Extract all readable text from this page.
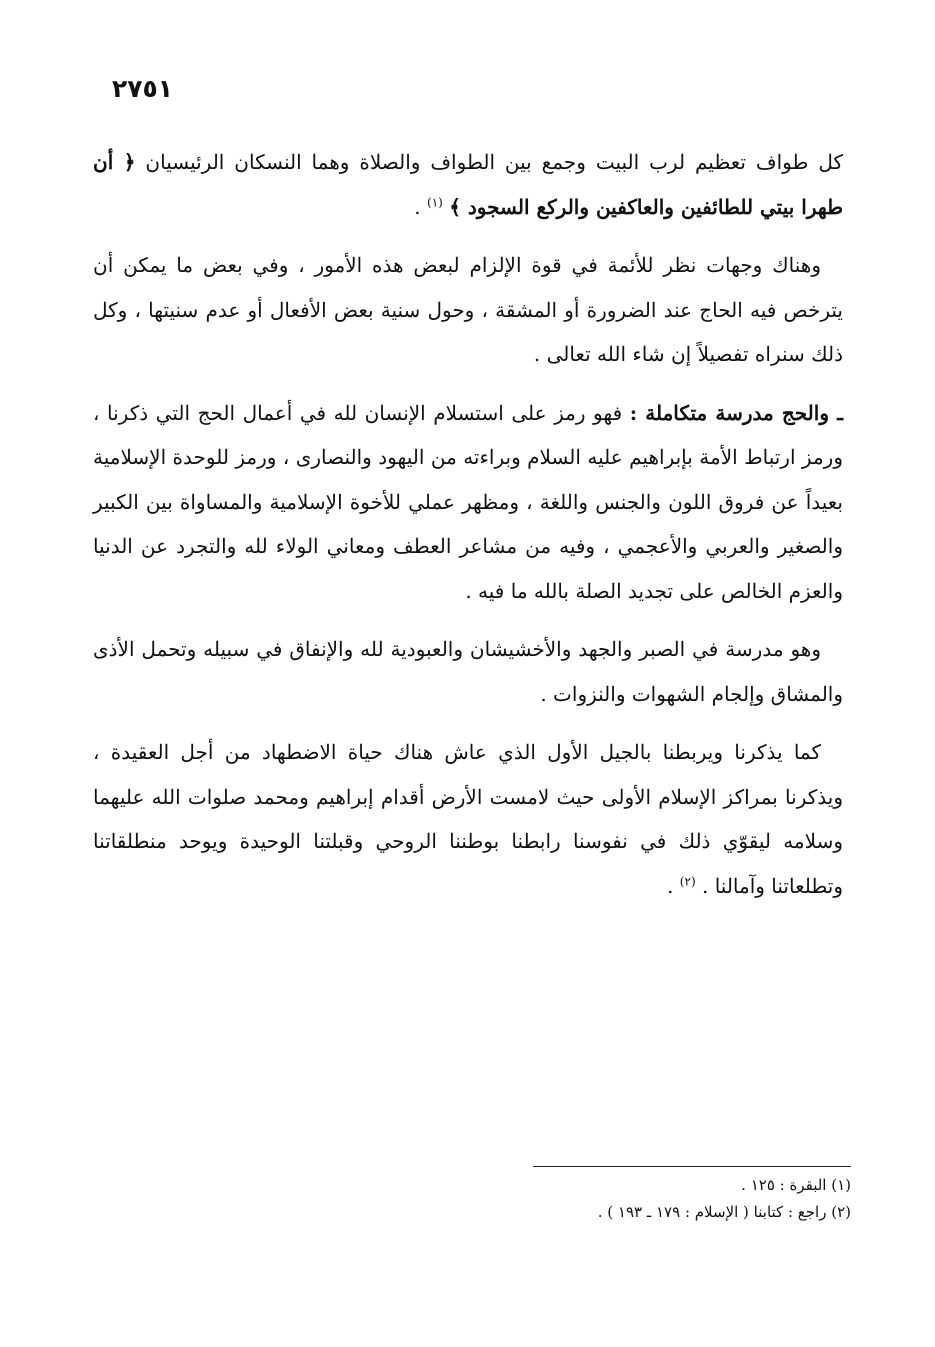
٢٧٥١

كل طواف تعظيم لرب البيت وجمع بين الطواف والصلاة وهما النسكان الرئيسيان ﴿ أن طهرا بيتي للطائفين والعاكفين والركع السجود ﴾ $^{(١)}$ .

وهناك وجهات نظر للأئمة في قوة الإلزام لبعض هذه الأمور ، وفي بعض ما يمكن أن يترخص فيه الحاج عند الضرورة أو المشقة ، وحول سنية بعض الأفعال أو عدم سنيتها ، وكل ذلك سنراه تفصيلاً إن شاء الله تعالى .

ـ والحج مدرسة متكاملة : فهو رمز على استسلام الإنسان لله في أعمال الحج التي ذكرنا ، ورمز ارتباط الأمة بإبراهيم عليه السلام وبراءته من اليهود والنصارى ، ورمز للوحدة الإسلامية بعيداً عن فروق اللون والجنس واللغة ، ومظهر عملي للأخوة الإسلامية والمساواة بين الكبير والصغير والعربي والأعجمي ، وفيه من مشاعر العطف ومعاني الولاء لله والتجرد عن الدنيا والعزم الخالص على تجديد الصلة بالله ما فيه .

وهو مدرسة في الصبر والجهد والأخشيشان والعبودية لله والإنفاق في سبيله وتحمل الأذى والمشاق وإلجام الشهوات والنزوات .

كما يذكرنا ويربطنا بالجيل الأول الذي عاش هناك حياة الاضطهاد من أجل العقيدة ، ويذكرنا بمراكز الإسلام الأولى حيث لامست الأرض أقدام إبراهيم ومحمد صلوات الله عليهما وسلامه ليقوّي ذلك في نفوسنا رابطنا بوطننا الروحي وقبلتنا الوحيدة ويوحد منطلقاتنا وتطلعاتنا وآمالنا . $^{(٢)}$ .

(١) البقرة : ١٢٥ .

(٢) راجع : كتابنا ( الإسلام : ١٧٩ ـ ١٩٣ ) .
